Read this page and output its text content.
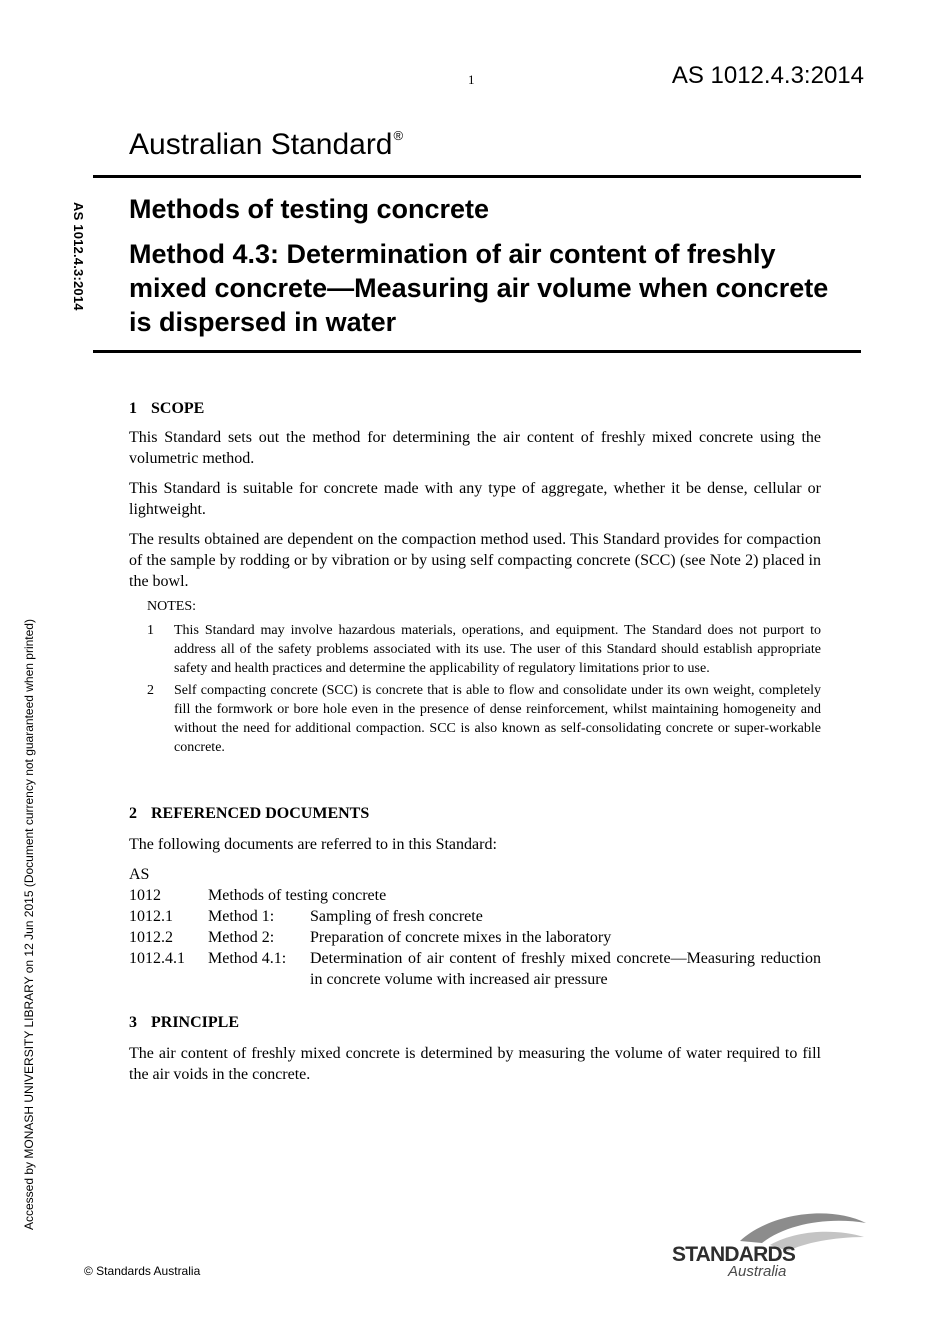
1	AS 1012.4.3:2014
Australian Standard®
AS 1012.4.3:2014 Methods of testing concrete
Method 4.3: Determination of air content of freshly mixed concrete—Measuring air volume when concrete is dispersed in water
Accessed by MONASH UNIVERSITY LIBRARY on 12 Jun 2015 (Document currency not guaranteed when printed)
1 SCOPE

This Standard sets out the method for determining the air content of freshly mixed concrete using the volumetric method.

This Standard is suitable for concrete made with any type of aggregate, whether it be dense, cellular or lightweight.

The results obtained are dependent on the compaction method used. This Standard provides for compaction of the sample by rodding or by vibration or by using self compacting concrete (SCC) (see Note 2) placed in the bowl.

NOTES:
1	This Standard may involve hazardous materials, operations, and equipment. The Standard does not purport to address all of the safety problems associated with its use. The user of this Standard should establish appropriate safety and health practices and determine the applicability of regulatory limitations prior to use.
2	Self compacting concrete (SCC) is concrete that is able to flow and consolidate under its own weight, completely fill the formwork or bore hole even in the presence of dense reinforcement, whilst maintaining homogeneity and without the need for additional compaction. SCC is also known as self-consolidating concrete or super-workable concrete.
2 REFERENCED DOCUMENTS

The following documents are referred to in this Standard:

AS
1012	Methods of testing concrete	
1012.1	Method 1:	Sampling of fresh concrete
1012.2	Method 2:	Preparation of concrete mixes in the laboratory
1012.4.1	Method 4.1:	Determination of air content of freshly mixed concrete—Measuring reduction in concrete volume with increased air pressure
3 PRINCIPLE

The air content of freshly mixed concrete is determined by measuring the volume of water required to fill the air voids in the concrete.

© Standards Australia
STANDARDS
Australia
